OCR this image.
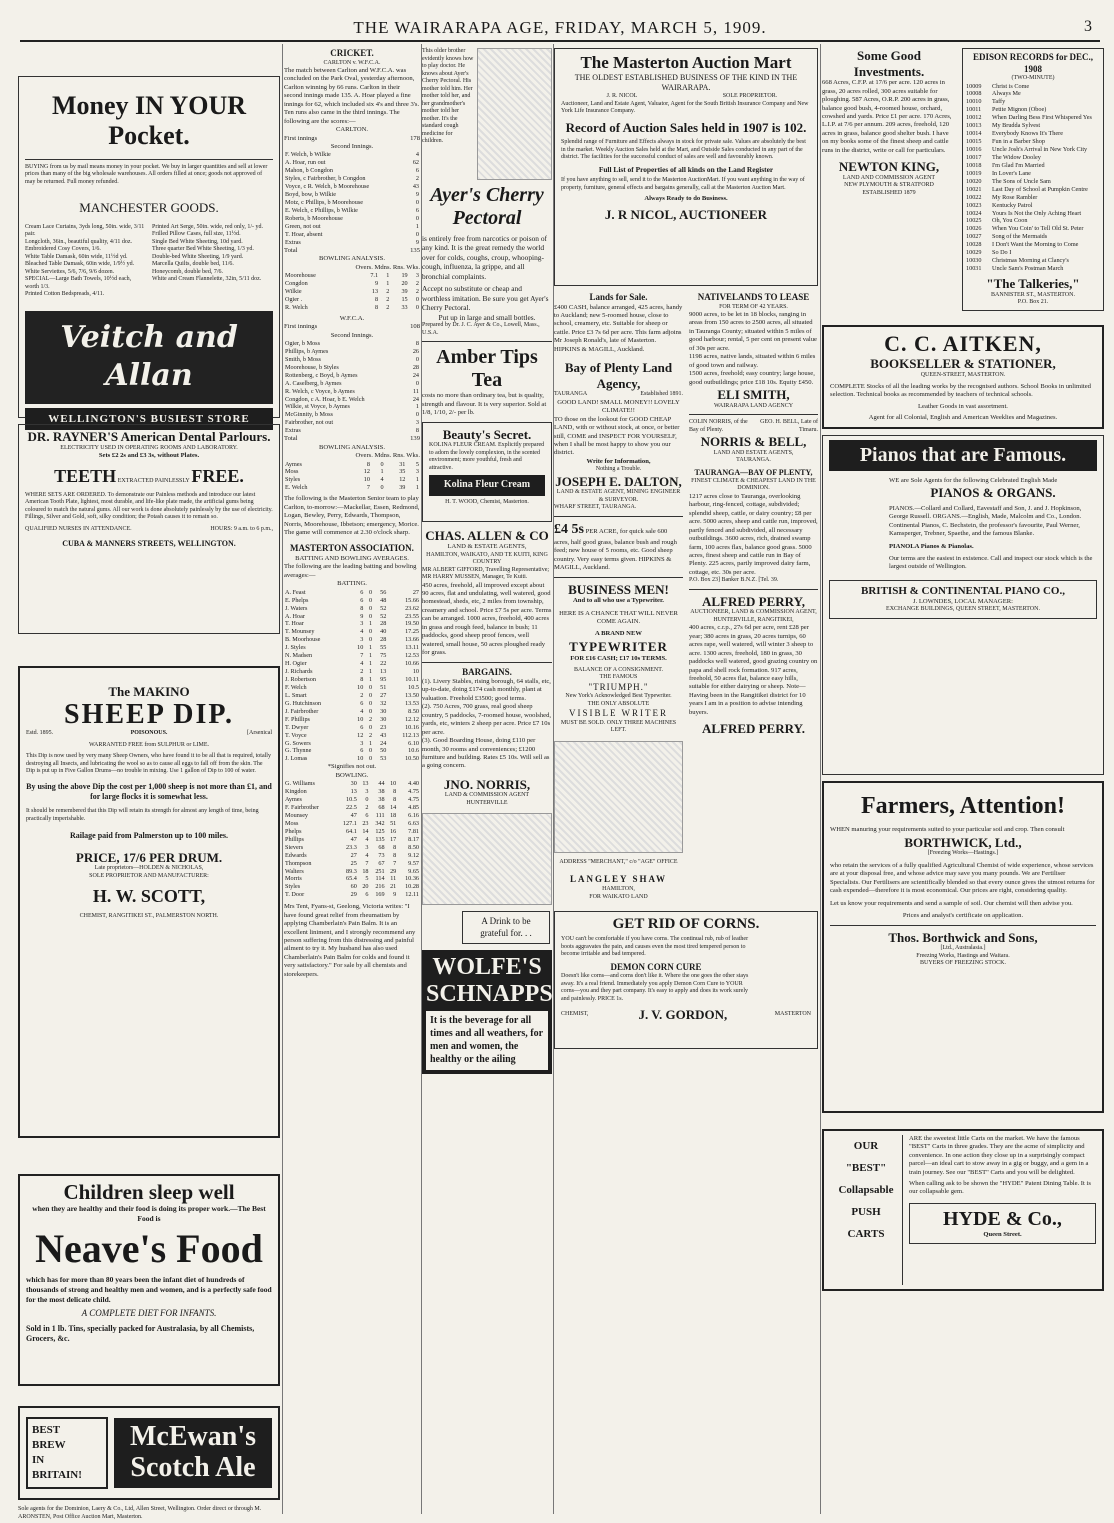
THE WAIRARAPA AGE, FRIDAY, MARCH 5, 1909.	3
Money IN YOUR Pocket.
BUYING from us by mail means money in your pocket. We buy in larger quantities and sell at lower prices than many of the big wholesale warehouses. All orders filled at once; goods not approved of may be returned. Full money refunded.
MANCHESTER GOODS.
Cream Lace Curtains, 3yds long, 50in. wide, 3/11 pair.
Longcloth, 36in., beautiful quality, 4/11 doz.
Embroidered Cosy Covers, 1/6.
White Table Damask, 60in wide, 11½d yd.
Bleached Table Damask, 60in wide, 1/9½ yd.
White Serviettes, 5/6, 7/6, 9/6 dozen.
SPECIAL—Large Bath Towels, 10½d each, worth 1/3.
Printed Cotton Bedspreads, 4/11.
Printed Art Serge, 50in. wide, red only, 1/- yd.
Frilled Pillow Cases, full size, 11½d.
Single Bed White Sheeting, 10d yard.
Three quarter Bed White Sheeting, 1/3 yd.
Double-bed White Sheeting, 1/9 yard.
Marcella Quilts, double bed, 11/6.
Honeycomb, double bed, 7/6.
White and Cream Flannelette, 32in, 5/11 doz.
Veitch and Allan
WELLINGTON'S BUSIEST STORE
DR. RAYNER'S American Dental Parlours.
ELECTRICITY USED IN OPERATING ROOMS AND LABORATORY.
Sets £2 2s and £3 3s, without Plates.
TEETH EXTRACTED PAINLESSLY FREE.
WHERE SETS ARE ORDERED. To demonstrate our Painless methods and introduce our latest American Tooth Plate, lightest, most durable, and life-like plate made, the artificial gums being coloured to match the natural gums. All our work is done absolutely painlessly by the use of electricity. Fillings, Silver and Gold, soft, silky condition; the Potash causes it to remain so.
QUALIFIED NURSES IN ATTENDANCE.	HOURS: 9 a.m. to 6 p.m.,
CUBA & MANNERS STREETS, WELLINGTON.
The MAKINO
SHEEP DIP.
Estd. 1895.	POISONOUS.	[Arsenical
WARRANTED FREE from SULPHUR or LIME.
This Dip is now used by very many Sheep Owners, who have found it to be all that is required, totally destroying all Insects, and lubricating the wool so as to cause all eggs to fall off from the skin. The Dip is put up in Five Gallon Drums—no trouble in mixing. Use 1 gallon of Dip to 100 of water.
By using the above Dip the cost per 1,000 sheep is not more than £1, and for large flocks it is somewhat less.
It should be remembered that this Dip will retain its strength for almost any length of time, being practically imperishable.
Railage paid from Palmerston up to 100 miles.
PRICE, 17/6 PER DRUM.
Late proprietors—HOLDEN & NICHOLAS,
SOLE PROPRIETOR AND MANUFACTURER:
H. W. SCOTT,
CHEMIST, RANGITIKEI ST., PALMERSTON NORTH.
Children sleep well
when they are healthy and their food is doing its proper work.—The Best Food is
Neave's Food
which has for more than 80 years been the infant diet of hundreds of thousands of strong and healthy men and women, and is a perfectly safe food for the most delicate child.
A COMPLETE DIET FOR INFANTS.
Sold in 1 lb. Tins, specially packed for Australasia, by all Chemists, Grocers, &c.
BEST
BREW
IN
BRITAIN!
McEwan's Scotch Ale
Sole agents for the Dominion, Laery & Co., Ltd, Allen Street, Wellington. Order direct or through M. ARONSTEN, Post Office Auction Mart, Masterton.
CRICKET.
CARLTON v. W.F.C.A.
The match between Carlton and W.F.C.A. was concluded on the Park Oval, yesterday afternoon, Carlton winning by 66 runs. Carlton in their second innings made 135. A. Hoar played a fine innings for 62, which included six 4's and three 3's. Ten runs also came in the third innings. The following are the scores:—
CARLTON.
First innings	178
Second Innings.
F. Welch, b Wilkie	4
A. Hoar, run out	62
Mahon, b Congdon	6
Styles, c Fairbrother, b Congdon	2
Voyce, c R. Welch, b Moorehouse	43
Boyd, bow, b Wilkie	9
Motz, c Phillips, b Moorehouse	0
E. Welch, c Phillips, b Wilkie	6
Roberts, b Moorehouse	0
Green, not out	1
T. Hoar, absent	0
Extras	9
Total	135
BOWLING ANALYSIS.
Overs. Mdns. Rns. Wks.
Moorehouse	7.1	1	19	3
Congdon	9	1	20	2
Wilkie	13	2	39	2
Ogier .	8	2	15	0
R. Welch	8	2	33	0
W.F.C.A.
First innings	108
Second Innings.
Ogier, b Moss	8
Phillips, b Aymes	26
Smith, b Moss	0
Moorehouse, b Styles	28
Rottenberg, c Boyd, b Aymes	24
A. Caselberg, b Aymes	0
R. Welch, c Voyce, b Aymes	11
Congdon, c A. Hoar, b E. Welch	24
Wilkie, st Voyce, b Aymes	1
McGinnity, b Moss	0
Fairbrother, not out	3
Extras	8
Total	139
BOWLING ANALYSIS.
Overs. Mdns. Rns. Wks.
Aymes	8	0	31	5
Moss	12	1	35	3
Styles	10	4	12	1
E. Welch	7	0	39	1
The following is the Masterton Senior team to play Carlton, to-morrow:—Mackellar, Essen, Redmond, Logan, Bewley, Perry, Edwards, Thompson, Norris, Moorehouse, Ibbetson; emergency, Morice. The game will commence at 2.30 o'clock sharp.
MASTERTON ASSOCIATION.
BATTING AND BOWLING AVERAGES.
The following are the leading batting and bowling averages:—
BATTING.
A. Feast	6	0	56	27
E. Phelps	6	0	48	15.66
J. Waters	8	0	52	23.62
A. Hoar	9	0	52	23.55
T. Hoar	3	1	28	19.50
T. Mounsey	4	0	40	17.25
B. Moorhouse	3	0	28	13.66
J. Styles	10	1	55	13.11
N. Madsen	7	1	75	12.53
H. Ogier	4	1	22	10.66
J. Richards	2	1	13	10
J. Robertson	8	1	95	10.11
F. Welch	10	0	51	10.5
L. Smart	2	0	27	13.50
G. Hutchinson	6	0	32	13.53
J. Fairbrother	4	0	30	8.50
F. Phillips	10	2	30	12.12
T. Dwyer	6	0	23	10.16
T. Voyce	12	2	43	112.13
G. Sowers	3	1	24	6.10
G. Thynne	6	0	50	10.6
J. Lomas	10	0	53	10.50
*Signifies not out.
BOWLING.
G. Williams	30	13	44	10	4.40
Kingdon	13	3	38	8	4.75
Aymes	10.5	0	38	8	4.75
F. Fairbrother	22.5	2	68	14	4.85
Mounsey	47	6	111	18	6.16
Moss	127.1	23	342	51	6.63
Phelps	64.1	14	125	16	7.81
Phillips	47	4	135	17	8.17
Sievers	23.3	3	68	8	8.50
Edwards	27	4	73	8	9.12
Thompson	25	7	67	7	9.57
Walters	89.3	18	251	29	9.65
Morris	65.4	5	114	11	10.36
Styles	60	20	216	21	10.28
T. Door	29	6	169	9	12.11
Mrs Tent, Fyans-st, Geelong, Victoria writes: "I have found great relief from rheumatism by applying Chamberlain's Pain Balm. It is an excellent liniment, and I strongly recommend any person suffering from this distressing and painful ailment to try it. My husband has also used Chamberlain's Pain Balm for colds and found it very satisfactory." For sale by all chemists and storekeepers.
This older brother evidently knows how to play doctor. He knows about Ayer's Cherry Pectoral. His mother told him. Her mother told her, and her grandmother's mother told her mother. It's the standard cough medicine for children.
Ayer's Cherry Pectoral
is entirely free from narcotics or poison of any kind. It is the great remedy the world over for colds, coughs, croup, whooping-cough, influenza, la grippe, and all bronchial complaints.
Accept no substitute or cheap and worthless imitation. Be sure you get Ayer's Cherry Pectoral.
Put up in large and small bottles.
Prepared by Dr. J. C. Ayer & Co., Lowell, Mass., U.S.A.
Amber Tips Tea
costs no more than ordinary tea, but is quality, strength and flavour. It is very superior. Sold at 1/8, 1/10, 2/- per lb.
Beauty's Secret.
KOLINA FLEUR CREAM. Explicitly prepared to adorn the lovely complexion, in the scented environment; more youthful, fresh and attractive.
Kolina Fleur Cream
H. T. WOOD, Chemist, Masterton.
CHAS. ALLEN & CO
LAND & ESTATE AGENTS,
HAMILTON, WAIKATO, AND TE KUITI, KING COUNTRY
MR ALBERT GIFFORD, Travelling Representative; MR HARRY MUSSEN, Manager, Te Kuiti.
450 acres, freehold, all improved except about 90 acres, flat and undulating, well watered, good homestead, sheds, etc, 2 miles from township, creamery and school. Price £7 5s per acre. Terms can be arranged. 1000 acres, freehold, 400 acres in grass and rough feed, balance in bush; 11 paddocks, good sheep proof fences, well watered, small house, 50 acres ploughed ready for grass.
BARGAINS.
(1). Livery Stables, rising borough, 64 stalls, etc, up-to-date, doing £174 cash monthly, plant at valuation. Freehold £3500; good terms.
(2). 750 Acres, 700 grass, real good sheep country, 5 paddocks, 7-roomed house, woolshed, yards, etc, winters 2 sheep per acre. Price £7 10s per acre.
(3). Good Boarding House, doing £110 per month, 30 rooms and conveniences; £1200 furniture and building. Rates £5 10s. Will sell as a going concern.
JNO. NORRIS,
LAND & COMMISSION AGENT
HUNTERVILLE
A Drink to be grateful for. . .
WOLFE'S SCHNAPPS
It is the beverage for all times and all weathers, for men and women, the healthy or the ailing
The Masterton Auction Mart
THE OLDEST ESTABLISHED BUSINESS OF THE KIND IN THE WAIRARAPA.
J. R. NICOL	SOLE PROPRIETOR.
Auctioneer, Land and Estate Agent, Valuator, Agent for the South British Insurance Company and New York Life Insurance Company.
Record of Auction Sales held in 1907 is 102.
Splendid range of Furniture and Effects always in stock for private sale. Values are absolutely the best in the market. Weekly Auction Sales held at the Mart, and Outside Sales conducted in any part of the district. The facilities for the successful conduct of sales are well and favourably known.
Full List of Properties of all kinds on the Land Register
If you have anything to sell, send it to the Masterton AuctionMart. If you want anything in the way of property, furniture, general effects and bargains generally, call at the Masterton Auction Mart.
Always Ready to do Business.
J. R NICOL, AUCTIONEER
Lands for Sale.
£400 CASH, balance arranged, 425 acres, handy to Auckland; new 5-roomed house, close to school, creamery, etc. Suitable for sheep or cattle. Price £3 7s 6d per acre. This farm adjoins Mr Joseph Ronald's, late of Masterton. HIPKINS & MAGILL, Auckland.
Bay of Plenty Land Agency,
TAURANGA	Established 1891.
GOOD LAND! SMALL MONEY!! LOVELY CLIMATE!!
TO those on the lookout for GOOD CHEAP LAND, with or without stock, at once, or better still, COME and INSPECT FOR YOURSELF, when I shall be most happy to show you our district.
Write for Information,
Nothing a Trouble.
JOSEPH E. DALTON,
LAND & ESTATE AGENT, MINING ENGINEER & SURVEYOR.
WHARF STREET, TAURANGA.
£4 5s PER ACRE, for quick sale 600 acres, half good grass, balance bush and rough feed; new house of 5 rooms, etc. Good sheep country. Very easy terms given. HIPKINS & MAGILL, Auckland.
BUSINESS MEN!
And to all who use a Typewriter.
HERE IS A CHANCE THAT WILL NEVER COME AGAIN.
A BRAND NEW
TYPEWRITER
FOR £16 CASH; £17 10s TERMS.
BALANCE OF A CONSIGNMENT.
THE FAMOUS
"TRIUMPH."
New York's Acknowledged Best Typewriter.
THE ONLY ABSOLUTE
VISIBLE WRITER
MUST BE SOLD. ONLY THREE MACHINES LEFT.
ADDRESS "MERCHANT," c/o "AGE" OFFICE
LANGLEY SHAW
HAMILTON,
FOR WAIKATO LAND
NATIVELANDS TO LEASE
FOR TERM OF 42 YEARS.
9000 acres, to be let in 18 blocks, ranging in areas from 150 acres to 2500 acres, all situated in Tauranga County; situated within 5 miles of good harbour; rental, 5 per cent on present value of 30s per acre.
1198 acres, native lands, situated within 6 miles of good town and railway.
1500 acres, freehold; easy country; large house, good outbuildings; price £18 10s. Equity £450.
ELI SMITH,
WAIRARAPA LAND AGENCY
COLIN NORRIS, of the Bay of Plenty.
GEO. H. BELL, Late of Timaru.
NORRIS & BELL,
LAND AND ESTATE AGENTS,
TAURANGA.
TAURANGA—BAY OF PLENTY,
FINEST CLIMATE & CHEAPEST LAND IN THE DOMINION.
1217 acres close to Tauranga, overlooking harbour, ring-fenced, cottage, subdivided; splendid sheep, cattle, or dairy country; £8 per acre. 5000 acres, sheep and cattle run, improved, partly fenced and subdivided, all necessary outbuildings. 3600 acres, rich, drained swamp farm, 100 acres flax, balance good grass. 5000 acres, finest sheep and cattle run in Bay of Plenty. 225 acres, partly improved dairy farm, cottage, etc. 30s per acre.
P.O. Box 23] Banker B.N.Z. [Tel. 39.
ALFRED PERRY,
AUCTIONEER, LAND & COMMISSION AGENT,
HUNTERVILLE, RANGITIKEI,
400 acres, c.r.p., 27s 6d per acre, rent £28 per year; 380 acres in grass, 20 acres turnips, 60 acres rape, well watered, will winter 3 sheep to acre. 1300 acres, freehold, 180 in grass, 30 paddocks well watered, good grazing country on papa and shell rock formation. 917 acres, freehold, 50 acres flat, balance easy hills, suitable for either dairying or sheep. Note—Having been in the Rangitikei district for 10 years I am in a position to advise intending buyers.
ALFRED PERRY.
GET RID OF CORNS.
YOU can't be comfortable if you have corns. The continual rub, rub of leather boots aggravates the pain, and causes even the most tired tempered person to become irritable and bad tempered.
DEMON CORN CURE
Doesn't like corns—and corns don't like it. Where the one goes the other stays away. It's a real friend. Immediately you apply Demon Corn Cure to YOUR corns—you and they part company. It's easy to apply and does its work surely and painlessly. PRICE 1s.
CHEMIST,	J. V. GORDON,	MASTERTON
Some Good Investments.
668 Acres, C.F.P. at 17/6 per acre. 120 acres in grass, 20 acres rolled, 300 acres suitable for ploughing. 587 Acres, O.R.P. 200 acres in grass, balance good bush, 4-roomed house, orchard, cowshed and yards. Price £1 per acre. 170 Acres, L.I.P. at 7/6 per annum. 209 acres, freehold, 120 acres in grass, balance good shelter bush. I have on my books some of the finest sheep and cattle runs in the district, write or call for particulars.
NEWTON KING,
LAND AND COMMISSION AGENT
NEW PLYMOUTH & STRATFORD
ESTABLISHED 1879
EDISON RECORDS for DEC., 1908
(TWO-MINUTE)
10009	Christ is Come
10008	Always Me
10010	Taffy
10011	Petite Mignon (Oboe)
10012	When Darling Bess First Whispered Yes
10013	My Brudda Sylvest
10014	Everybody Knows It's There
10015	Fun in a Barber Shop
10016	Uncle Josh's Arrival in New York City
10017	The Widow Dooley
10018	I'm Glad I'm Married
10019	In Lover's Lane
10020	The Sons of Uncle Sam
10021	Last Day of School at Pumpkin Centre
10022	My Rose Rambler
10023	Kentucky Patrol
10024	Yours Is Not the Only Aching Heart
10025	Oh, You Coon
10026	When You Coin' to Tell Old St. Peter
10027	Song of the Mermaids
10028	I Don't Want the Morning to Come
10029	So Do I
10030	Christmas Morning at Clancy's
10031	Uncle Sam's Postman March
"The Talkeries,"
BANNISTER ST., MASTERTON.
P.O. Box 21.
C. C. AITKEN,
BOOKSELLER & STATIONER,
QUEEN-STREET, MASTERTON.
COMPLETE Stocks of all the leading works by the recognised authors. School Books in unlimited selection. Technical books as recommended by teachers of technical schools.
Leather Goods in vast assortment.
Agent for all Colonial, English and American Weeklies and Magazines.
Pianos that are Famous.
WE are Sole Agents for the following Celebrated English Made
PIANOS & ORGANS.
PIANOS.—Collard and Collard, Eavestaff and Son, J. and J. Hopkinson, George Russell. ORGANS.—English, Made, Malcolm and Co., London. Continental Pianos, C. Bechstein, the professor's favourite, Paul Werner, Kamsperger, Trebner, Spaethe, and the famous Blanke.
PIANOLA Pianos & Pianolas.
Our terms are the easiest in existence. Call and inspect our stock which is the largest outside of Wellington.
BRITISH & CONTINENTAL PIANO CO.,
J. LOWNDES, LOCAL MANAGER:
EXCHANGE BUILDINGS, QUEEN STREET, MASTERTON.
Farmers, Attention!
WHEN manuring your requirements suited to your particular soil and crop. Then consult
BORTHWICK, Ltd.,
[Freezing Works—Hastings.]
who retain the services of a fully qualified Agricultural Chemist of wide experience, whose services are at your disposal free, and whose advice may save you many pounds. We are Fertiliser Specialists. Our Fertilisers are scientifically blended so that every ounce gives the utmost returns for cash expended—therefore it is most economical. Our prices are right, considering quality.
Let us know your requirements and send a sample of soil. Our chemist will then advise you.
Prices and analyst's certificate on application.
Thos. Borthwick and Sons,
[Ltd., Australasia.]
Freezing Works, Hastings and Waitara.
BUYERS OF FREEZING STOCK.
OUR
"BEST"
Collapsable
PUSH
CARTS
ARE the sweetest little Carts on the market. We have the famous "BEST" Carts in three grades. They are the acme of simplicity and convenience. In one action they close up in a surprisingly compact parcel—an ideal cart to stow away in a gig or buggy, and a gem in a train journey. See our "BEST" Carts and you will be delighted.
When calling ask to be shown the "HYDE" Patent Dining Table. It is our collapsable gem.
HYDE & Co.,
Queen Street.
